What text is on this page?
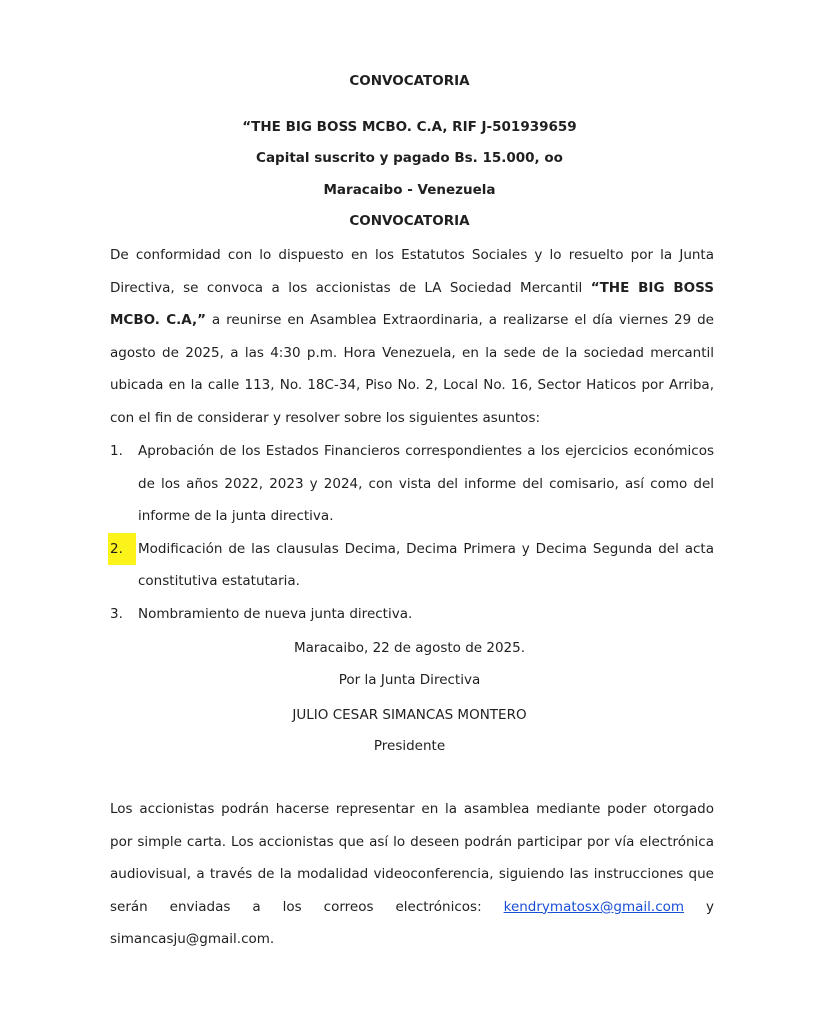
CONVOCATORIA
“THE BIG BOSS MCBO. C.A, RIF J-501939659
Capital suscrito y pagado Bs. 15.000, oo
Maracaibo - Venezuela
CONVOCATORIA

De conformidad con lo dispuesto en los Estatutos Sociales y lo resuelto por la Junta Directiva, se convoca a los accionistas de LA Sociedad Mercantil “THE BIG BOSS MCBO. C.A,” a reunirse en Asamblea Extraordinaria, a realizarse el día viernes 29 de agosto de 2025, a las 4:30 p.m. Hora Venezuela, en la sede de la sociedad mercantil ubicada en la calle 113, No. 18C-34, Piso No. 2, Local No. 16, Sector Haticos por Arriba, con el fin de considerar y resolver sobre los siguientes asuntos:

1.	Aprobación de los Estados Financieros correspondientes a los ejercicios económicos de los años 2022, 2023 y 2024, con vista del informe del comisario, así como del informe de la junta directiva.
2.	Modificación de las clausulas Decima, Decima Primera y Decima Segunda del acta constitutiva estatutaria.
3.	Nombramiento de nueva junta directiva.
Maracaibo, 22 de agosto de 2025.
Por la Junta Directiva
JULIO CESAR SIMANCAS MONTERO
Presidente

Los accionistas podrán hacerse representar en la asamblea mediante poder otorgado por simple carta. Los accionistas que así lo deseen podrán participar por vía electrónica audiovisual, a través de la modalidad videoconferencia, siguiendo las instrucciones que serán enviadas a los correos electrónicos: kendrymatosx@gmail.com y simancasju@gmail.com.
